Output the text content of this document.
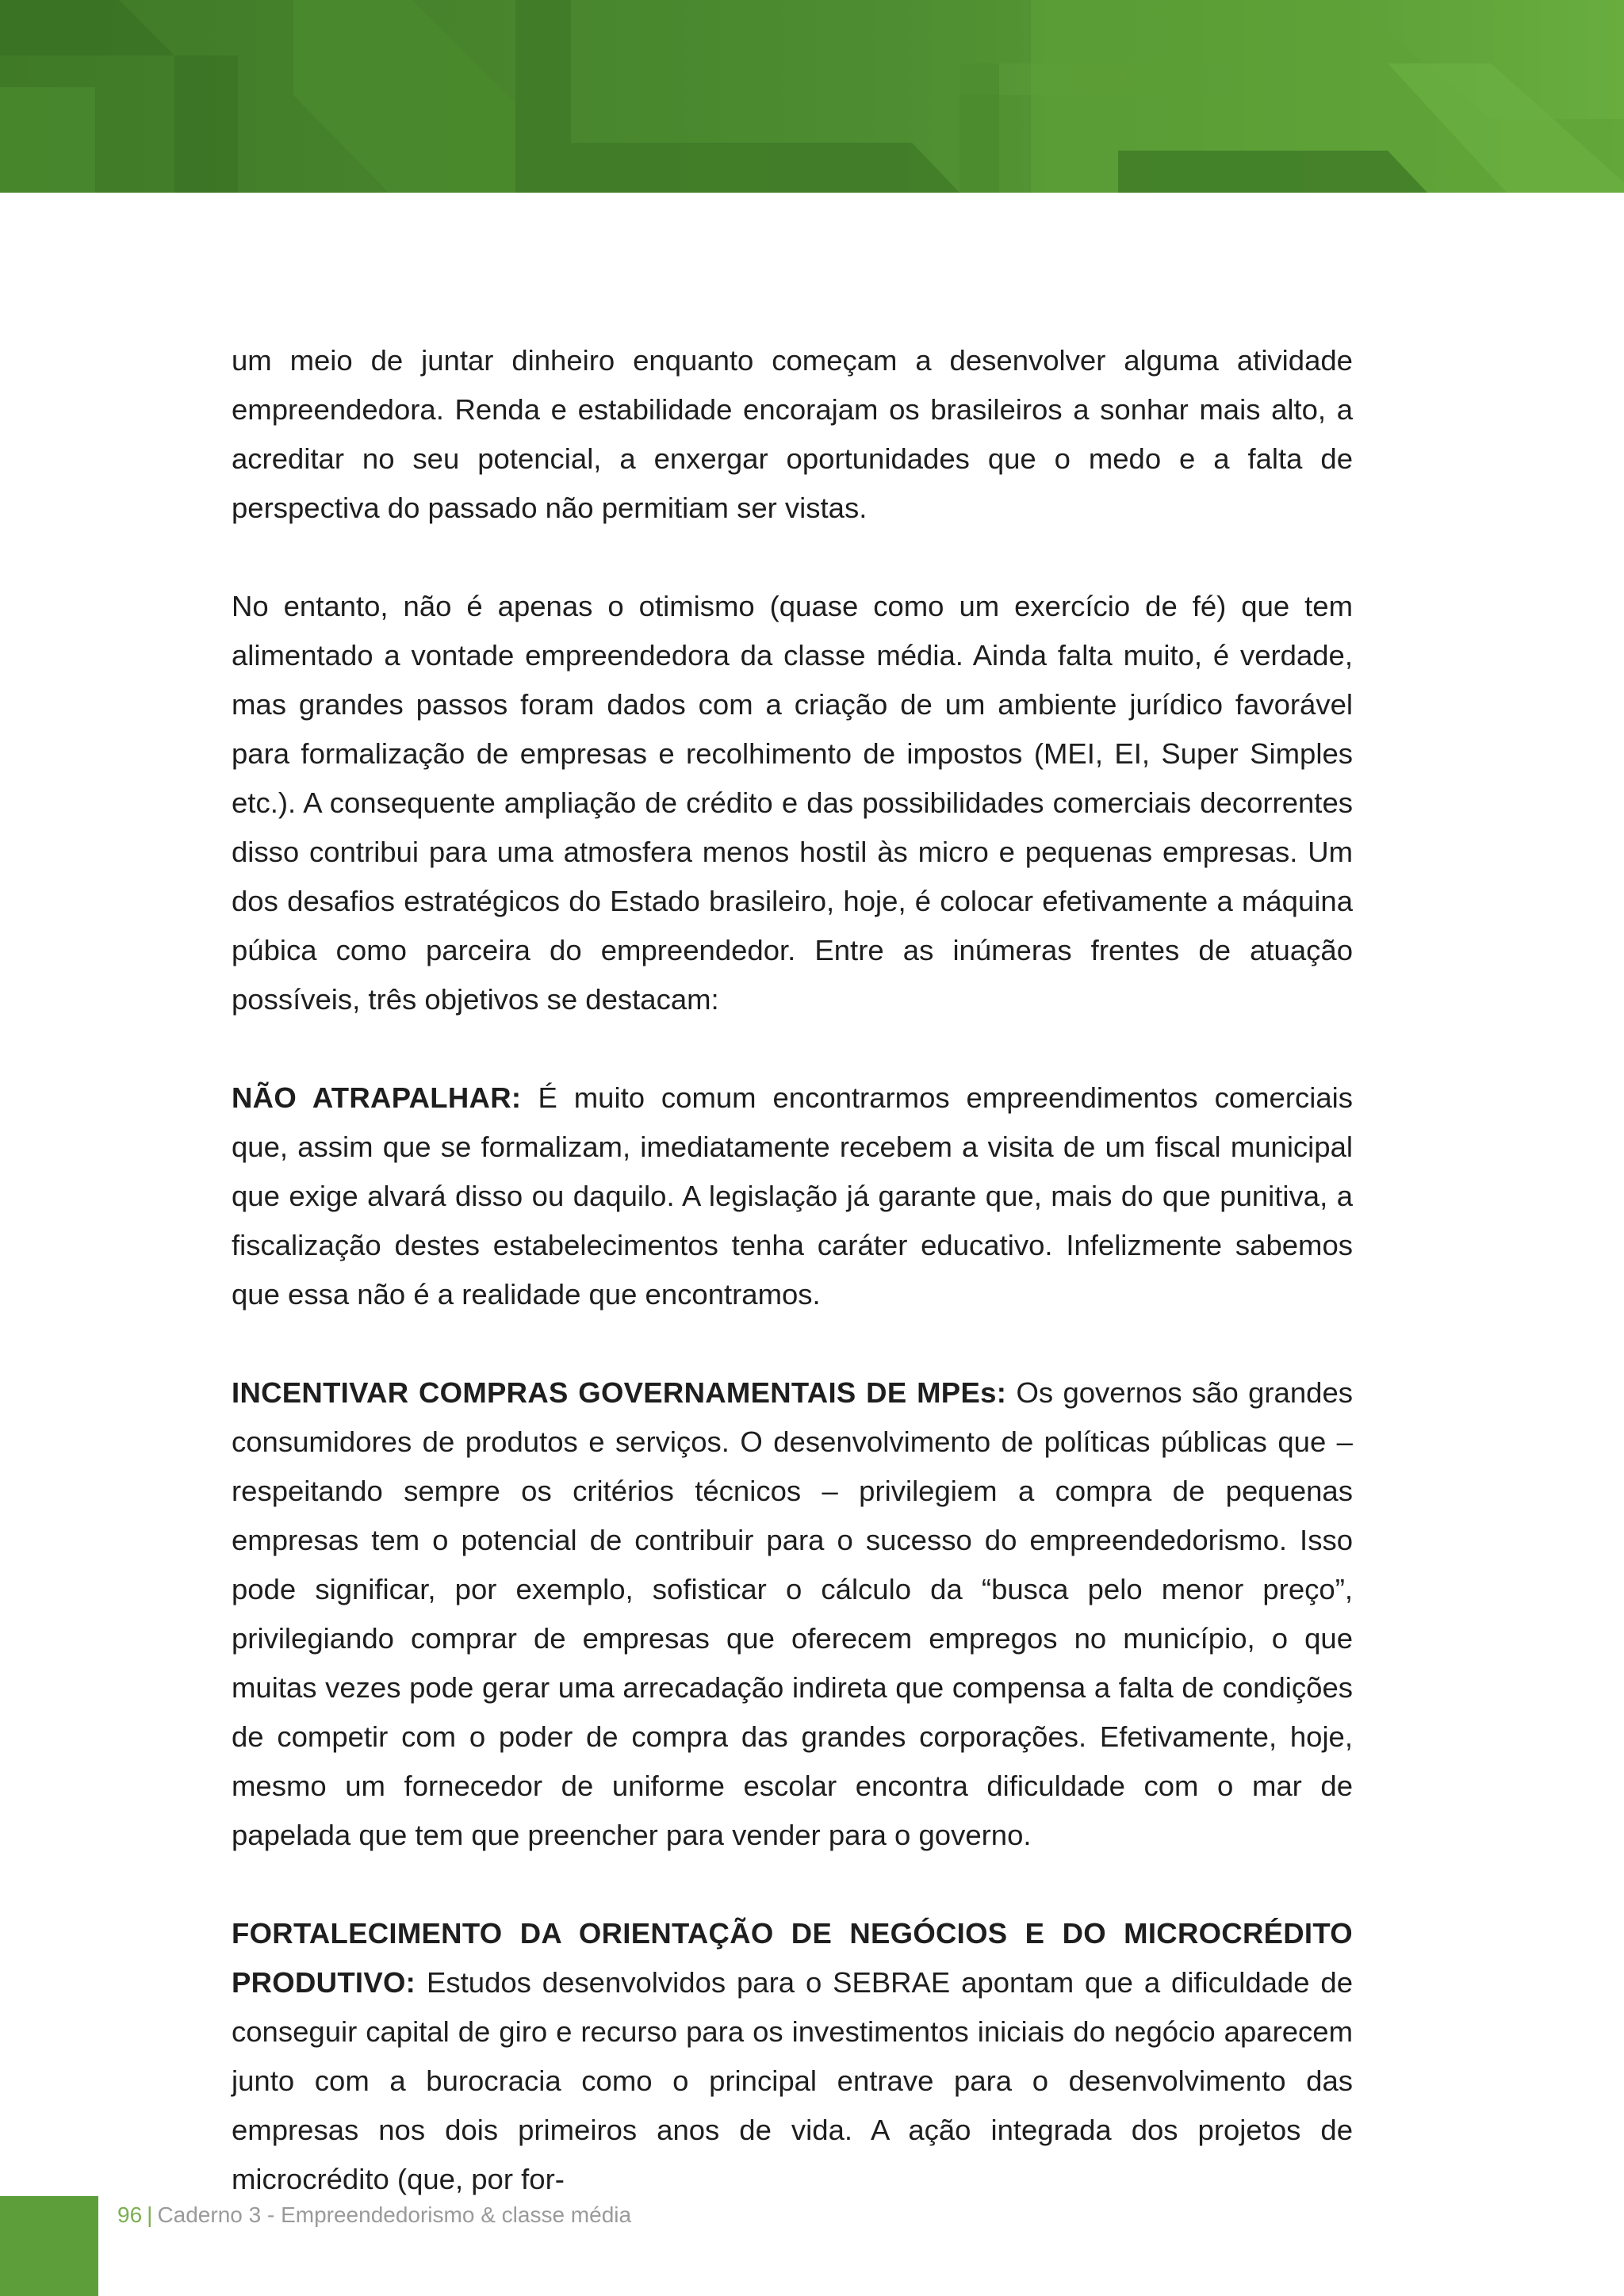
um meio de juntar dinheiro enquanto começam a desenvolver alguma atividade empreendedora. Renda e estabilidade encorajam os brasileiros a sonhar mais alto, a acreditar no seu potencial, a enxergar oportunidades que o medo e a falta de perspectiva do passado não permitiam ser vistas.

No entanto, não é apenas o otimismo (quase como um exercício de fé) que tem alimentado a vontade empreendedora da classe média. Ainda falta muito, é verdade, mas grandes passos foram dados com a criação de um ambiente jurídico favorável para formalização de empresas e recolhimento de impostos (MEI, EI, Super Simples etc.). A consequente ampliação de crédito e das possibilidades comerciais decorrentes disso contribui para uma atmosfera menos hostil às micro e pequenas empresas. Um dos desafios estratégicos do Estado brasileiro, hoje, é colocar efetivamente a máquina púbica como parceira do empreendedor. Entre as inúmeras frentes de atuação possíveis, três objetivos se destacam:

NÃO ATRAPALHAR: É muito comum encontrarmos empreendimentos comerciais que, assim que se formalizam, imediatamente recebem a visita de um fiscal municipal que exige alvará disso ou daquilo. A legislação já garante que, mais do que punitiva, a fiscalização destes estabelecimentos tenha caráter educativo. Infelizmente sabemos que essa não é a realidade que encontramos.

INCENTIVAR COMPRAS GOVERNAMENTAIS DE MPEs: Os governos são grandes consumidores de produtos e serviços. O desenvolvimento de políticas públicas que – respeitando sempre os critérios técnicos – privilegiem a compra de pequenas empresas tem o potencial de contribuir para o sucesso do empreendedorismo. Isso pode significar, por exemplo, sofisticar o cálculo da “busca pelo menor preço”, privilegiando comprar de empresas que oferecem empregos no município, o que muitas vezes pode gerar uma arrecadação indireta que compensa a falta de condições de competir com o poder de compra das grandes corporações. Efetivamente, hoje, mesmo um fornecedor de uniforme escolar encontra dificuldade com o mar de papelada que tem que preencher para vender para o governo.

FORTALECIMENTO DA ORIENTAÇÃO DE NEGÓCIOS E DO MICROCRÉDITO PRODUTIVO: Estudos desenvolvidos para o SEBRAE apontam que a dificuldade de conseguir capital de giro e recurso para os investimentos iniciais do negócio aparecem junto com a burocracia como o principal entrave para o desenvolvimento das empresas nos dois primeiros anos de vida. A ação integrada dos projetos de microcrédito (que, por for-

96 | Caderno 3 - Empreendedorismo & classe média
